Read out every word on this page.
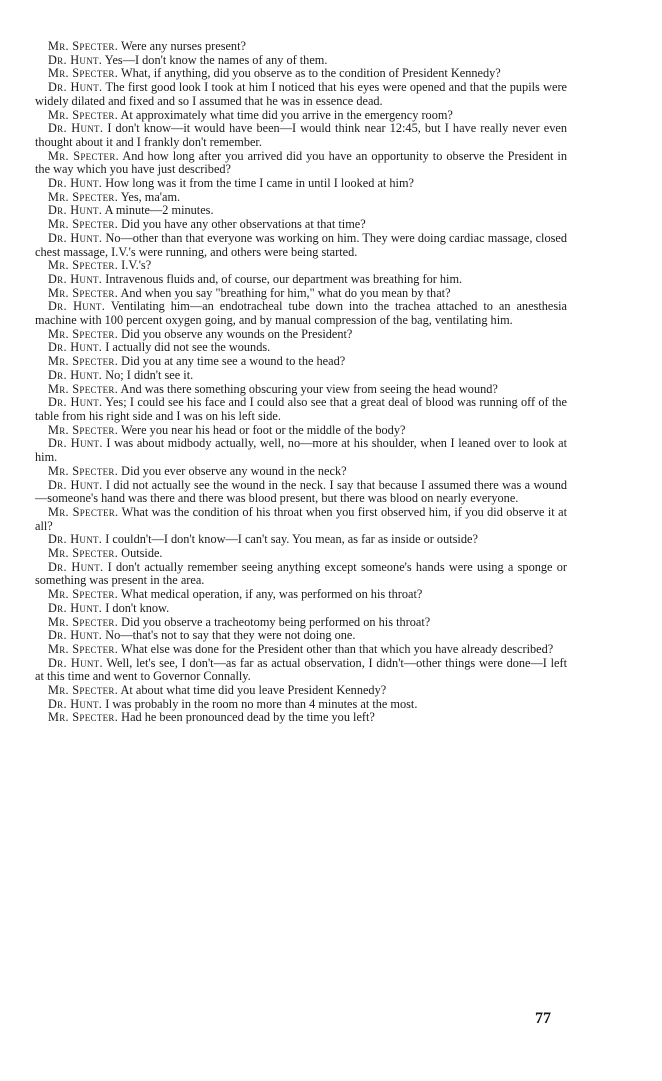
Mr. Specter. Were any nurses present?

Dr. Hunt. Yes—I don't know the names of any of them.

Mr. Specter. What, if anything, did you observe as to the condition of President Kennedy?

Dr. Hunt. The first good look I took at him I noticed that his eyes were opened and that the pupils were widely dilated and fixed and so I assumed that he was in essence dead.

Mr. Specter. At approximately what time did you arrive in the emergency room?

Dr. Hunt. I don't know—it would have been—I would think near 12:45, but I have really never even thought about it and I frankly don't remember.

Mr. Specter. And how long after you arrived did you have an opportunity to observe the President in the way which you have just described?

Dr. Hunt. How long was it from the time I came in until I looked at him?

Mr. Specter. Yes, ma'am.

Dr. Hunt. A minute—2 minutes.

Mr. Specter. Did you have any other observations at that time?

Dr. Hunt. No—other than that everyone was working on him. They were doing cardiac massage, closed chest massage, I.V.'s were running, and others were being started.

Mr. Specter. I.V.'s?

Dr. Hunt. Intravenous fluids and, of course, our department was breathing for him.

Mr. Specter. And when you say "breathing for him," what do you mean by that?

Dr. Hunt. Ventilating him—an endotracheal tube down into the trachea attached to an anesthesia machine with 100 percent oxygen going, and by manual compression of the bag, ventilating him.

Mr. Specter. Did you observe any wounds on the President?

Dr. Hunt. I actually did not see the wounds.

Mr. Specter. Did you at any time see a wound to the head?

Dr. Hunt. No; I didn't see it.

Mr. Specter. And was there something obscuring your view from seeing the head wound?

Dr. Hunt. Yes; I could see his face and I could also see that a great deal of blood was running off of the table from his right side and I was on his left side.

Mr. Specter. Were you near his head or foot or the middle of the body?

Dr. Hunt. I was about midbody actually, well, no—more at his shoulder, when I leaned over to look at him.

Mr. Specter. Did you ever observe any wound in the neck?

Dr. Hunt. I did not actually see the wound in the neck. I say that because I assumed there was a wound—someone's hand was there and there was blood present, but there was blood on nearly everyone.

Mr. Specter. What was the condition of his throat when you first observed him, if you did observe it at all?

Dr. Hunt. I couldn't—I don't know—I can't say. You mean, as far as inside or outside?

Mr. Specter. Outside.

Dr. Hunt. I don't actually remember seeing anything except someone's hands were using a sponge or something was present in the area.

Mr. Specter. What medical operation, if any, was performed on his throat?

Dr. Hunt. I don't know.

Mr. Specter. Did you observe a tracheotomy being performed on his throat?

Dr. Hunt. No—that's not to say that they were not doing one.

Mr. Specter. What else was done for the President other than that which you have already described?

Dr. Hunt. Well, let's see, I don't—as far as actual observation, I didn't—other things were done—I left at this time and went to Governor Connally.

Mr. Specter. At about what time did you leave President Kennedy?

Dr. Hunt. I was probably in the room no more than 4 minutes at the most.

Mr. Specter. Had he been pronounced dead by the time you left?

77
